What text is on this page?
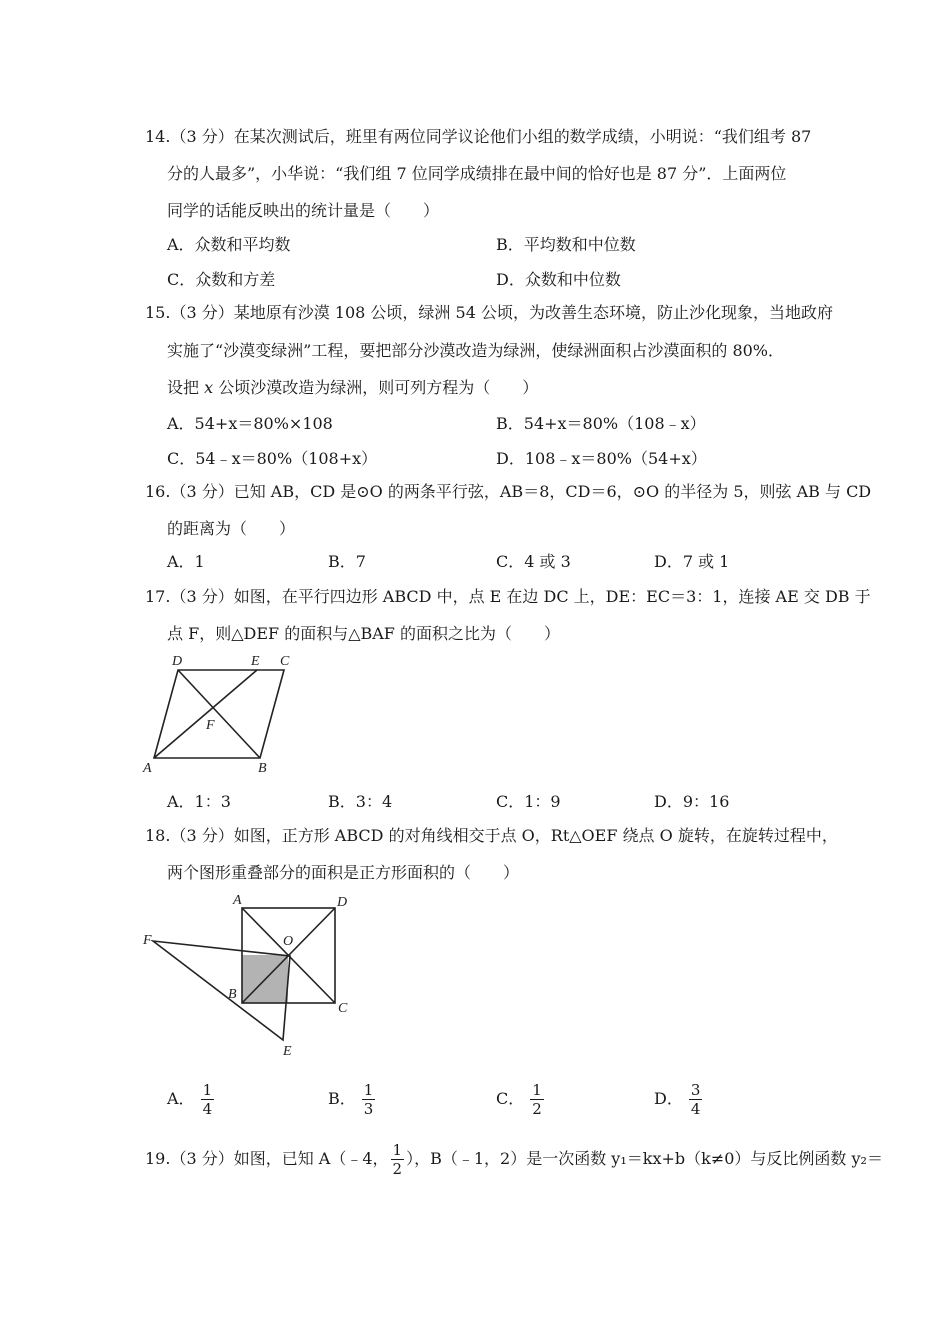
14.（3 分）在某次测试后，班里有两位同学议论他们小组的数学成绩，小明说：“我们组考 87
分的人最多”，小华说：“我们组 7 位同学成绩排在最中间的恰好也是 87 分”．上面两位
同学的话能反映出的统计量是（　　）
A．众数和平均数	B．平均数和中位数
C．众数和方差	D．众数和中位数
15.（3 分）某地原有沙漠 108 公顷，绿洲 54 公顷，为改善生态环境，防止沙化现象，当地政府
实施了“沙漠变绿洲”工程，要把部分沙漠改造为绿洲，使绿洲面积占沙漠面积的 80%．
设把 x 公顷沙漠改造为绿洲，则可列方程为（　　）
A．54+x＝80%×108	B．54+x＝80%（108﹣x）
C．54﹣x＝80%（108+x）	D．108﹣x＝80%（54+x）
16.（3 分）已知 AB，CD 是⊙O 的两条平行弦，AB＝8，CD＝6，⊙O 的半径为 5，则弦 AB 与 CD
的距离为（　　）
A．1	B．7	C．4 或 3	D．7 或 1
17.（3 分）如图，在平行四边形 ABCD 中，点 E 在边 DC 上，DE：EC＝3：1，连接 AE 交 DB 于
点 F，则△DEF 的面积与△BAF 的面积之比为（　　）
D	E C
F
A	B
A．1：3	B．3：4	C．1：9	D．9：16
18.（3 分）如图，正方形 ABCD 的对角线相交于点 O，Rt△OEF 绕点 O 旋转，在旋转过程中，
两个图形重叠部分的面积是正方形面积的（　　）
A	D
F	O
B
C
E
A． $\frac{1}{4}$	B． $\frac{1}{3}$	C． $\frac{1}{2}$	D． $\frac{3}{4}$
19.（3 分）如图，已知 A（﹣4， $\frac{1}{2}$ ），B（﹣1，2）是一次函数 y₁＝kx+b（k≠0）与反比例函数 y₂＝
